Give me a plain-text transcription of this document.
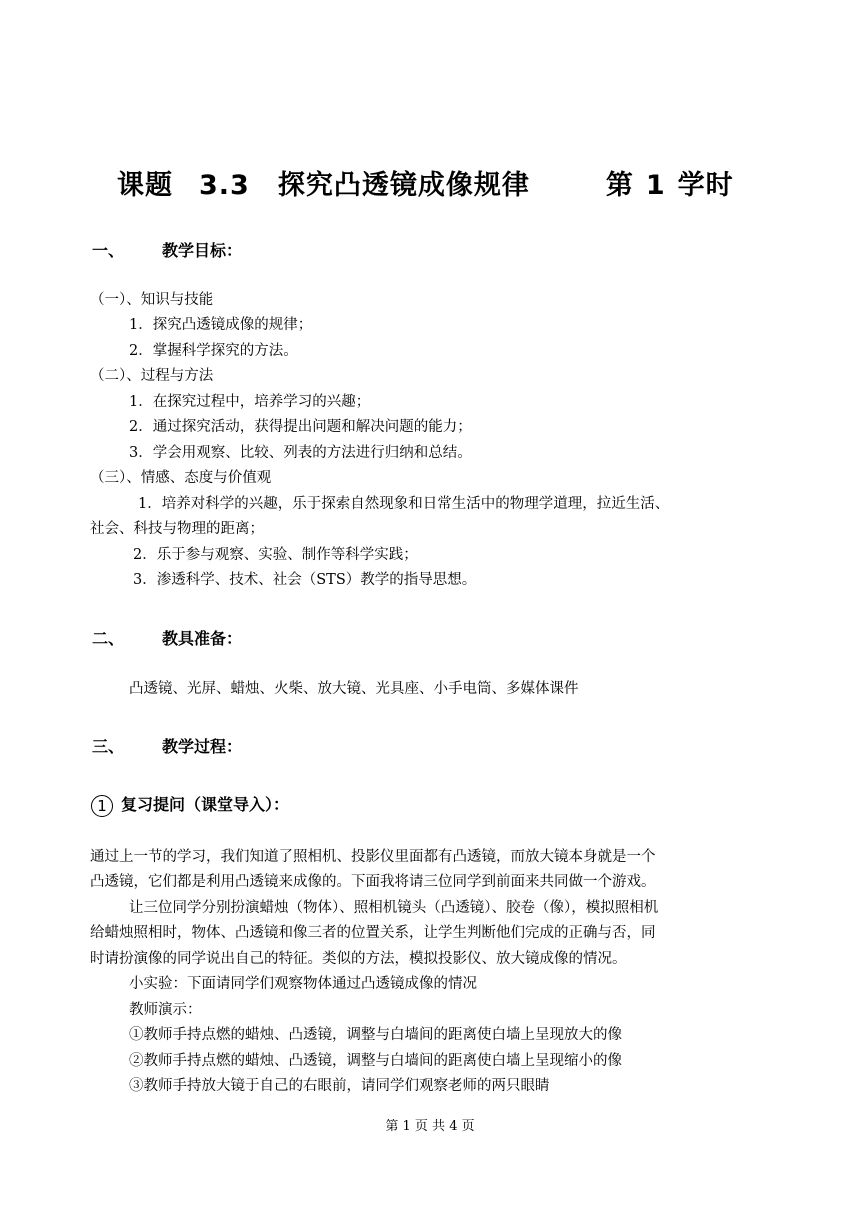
课题 3.3 探究凸透镜成像规律	第 1 学时
一、 教学目标：
（一）、知识与技能
1．探究凸透镜成像的规律；
2．掌握科学探究的方法。
（二）、过程与方法
1．在探究过程中，培养学习的兴趣；
2．通过探究活动，获得提出问题和解决问题的能力；
3．学会用观察、比较、列表的方法进行归纳和总结。
（三）、情感、态度与价值观
1．培养对科学的兴趣，乐于探索自然现象和日常生活中的物理学道理，拉近生活、
社会、科技与物理的距离；
2．乐于参与观察、实验、制作等科学实践；
3．渗透科学、技术、社会（STS）教学的指导思想。
二、 教具准备：
凸透镜、光屏、蜡烛、火柴、放大镜、光具座、小手电筒、多媒体课件
三、 教学过程：
1 复习提问（课堂导入）：
通过上一节的学习，我们知道了照相机、投影仪里面都有凸透镜，而放大镜本身就是一个
凸透镜，它们都是利用凸透镜来成像的。下面我将请三位同学到前面来共同做一个游戏。
让三位同学分别扮演蜡烛（物体）、照相机镜头（凸透镜）、胶卷（像），模拟照相机
给蜡烛照相时，物体、凸透镜和像三者的位置关系，让学生判断他们完成的正确与否，同
时请扮演像的同学说出自己的特征。类似的方法，模拟投影仪、放大镜成像的情况。
小实验：下面请同学们观察物体通过凸透镜成像的情况
教师演示：
①教师手持点燃的蜡烛、凸透镜，调整与白墙间的距离使白墙上呈现放大的像
②教师手持点燃的蜡烛、凸透镜，调整与白墙间的距离使白墙上呈现缩小的像
③教师手持放大镜于自己的右眼前，请同学们观察老师的两只眼睛
第 1 页 共 4 页
